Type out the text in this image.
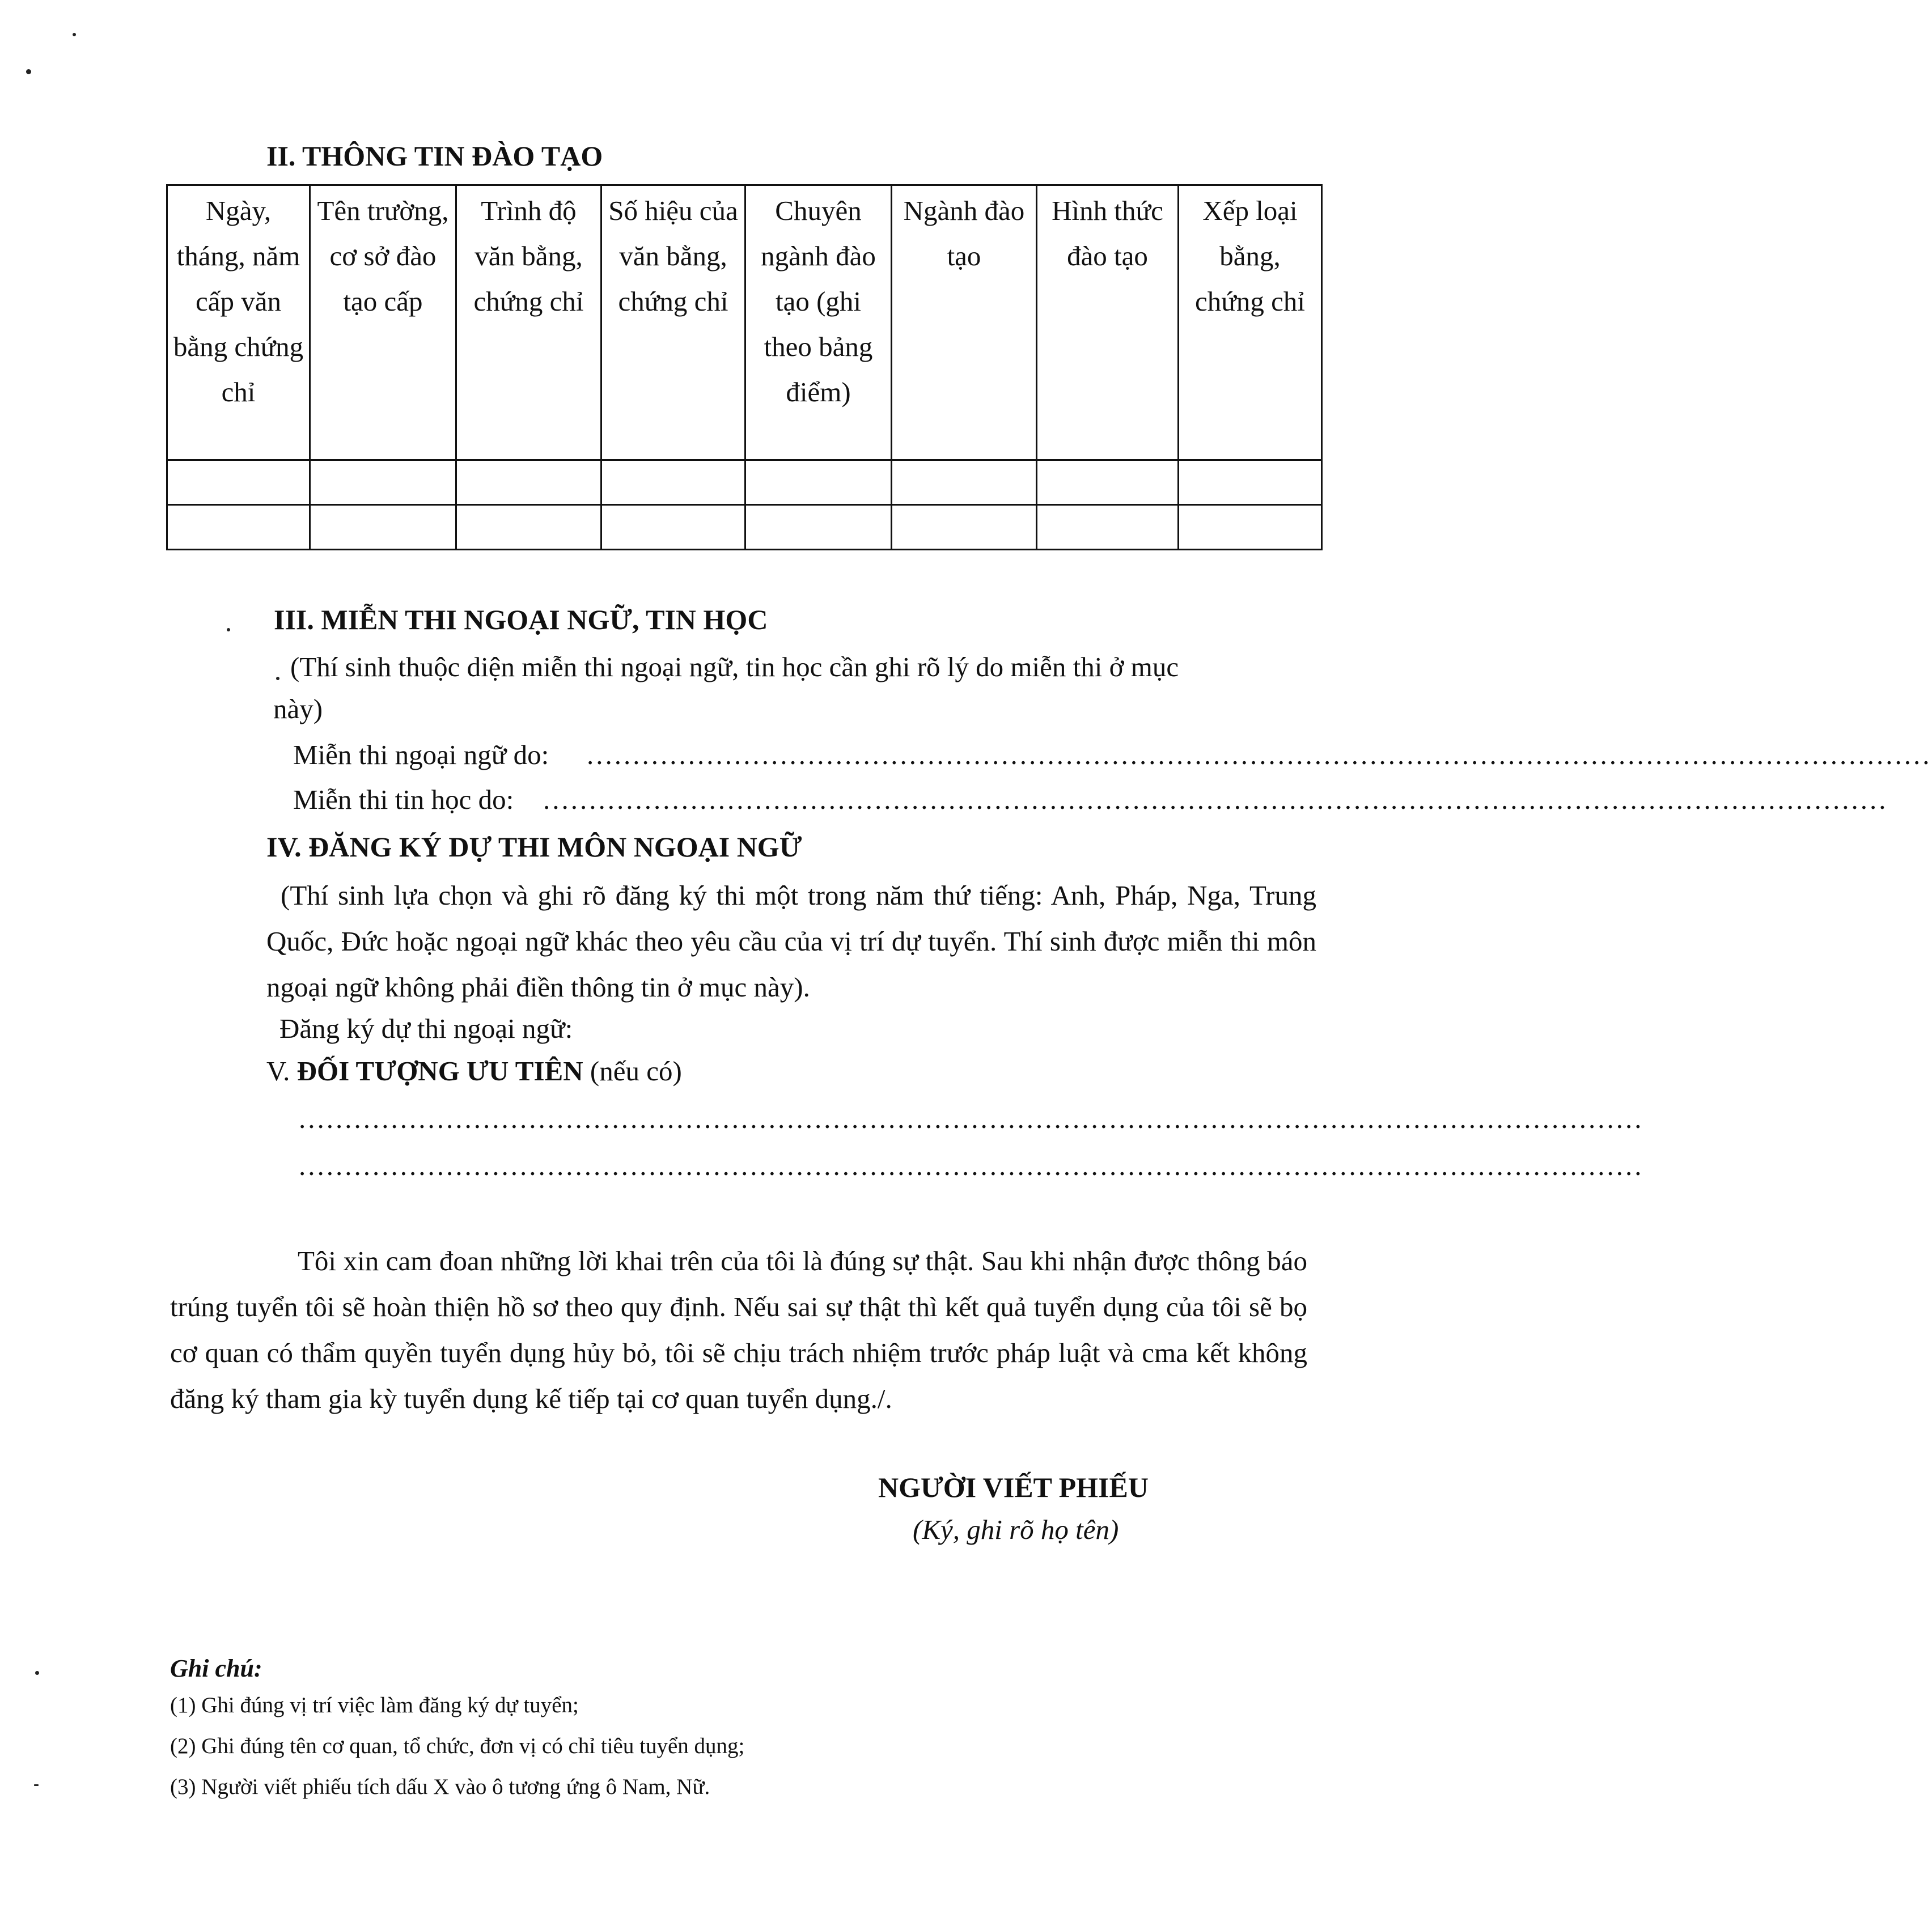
II. THÔNG TIN ĐÀO TẠO
Ngày, tháng, năm cấp văn bằng chứng chỉ	Tên trường, cơ sở đào tạo cấp	Trình độ văn bằng, chứng chỉ	Số hiệu của văn bằng, chứng chỉ	Chuyên ngành đào tạo (ghi theo bảng điểm)	Ngành đào tạo	Hình thức đào tạo	Xếp loại bằng, chứng chỉ

III. MIỄN THI NGOẠI NGỮ, TIN HỌC
(Thí sinh thuộc diện miễn thi ngoại ngữ, tin học cần ghi rõ lý do miễn thi ở mục
này)
Miễn thi ngoại ngữ do: ..................................................................................................................................................
Miễn thi tin học do: ..................................................................................................................................................
IV. ĐĂNG KÝ DỰ THI MÔN NGOẠI NGỮ
(Thí sinh lựa chọn và ghi rõ đăng ký thi một trong năm thứ tiếng: Anh, Pháp, Nga, Trung Quốc, Đức hoặc ngoại ngữ khác theo yêu cầu của vị trí dự tuyển. Thí sinh được miễn thi môn ngoại ngữ không phải điền thông tin ở mục này).
Đăng ký dự thi ngoại ngữ:
V. ĐỐI TƯỢNG ƯU TIÊN (nếu có)
..................................................................................................................................................
..................................................................................................................................................
Tôi xin cam đoan những lời khai trên của tôi là đúng sự thật. Sau khi nhận được thông báo trúng tuyển tôi sẽ hoàn thiện hồ sơ theo quy định. Nếu sai sự thật thì kết quả tuyển dụng của tôi sẽ bọ cơ quan có thẩm quyền tuyển dụng hủy bỏ, tôi sẽ chịu trách nhiệm trước pháp luật và cma kết không đăng ký tham gia kỳ tuyển dụng kế tiếp tại cơ quan tuyển dụng./.
NGƯỜI VIẾT PHIẾU
(Ký, ghi rõ họ tên)
Ghi chú:
(1) Ghi đúng vị trí việc làm đăng ký dự tuyển;
(2) Ghi đúng tên cơ quan, tổ chức, đơn vị có chỉ tiêu tuyển dụng;
(3) Người viết phiếu tích dấu X vào ô tương ứng ô Nam, Nữ.
